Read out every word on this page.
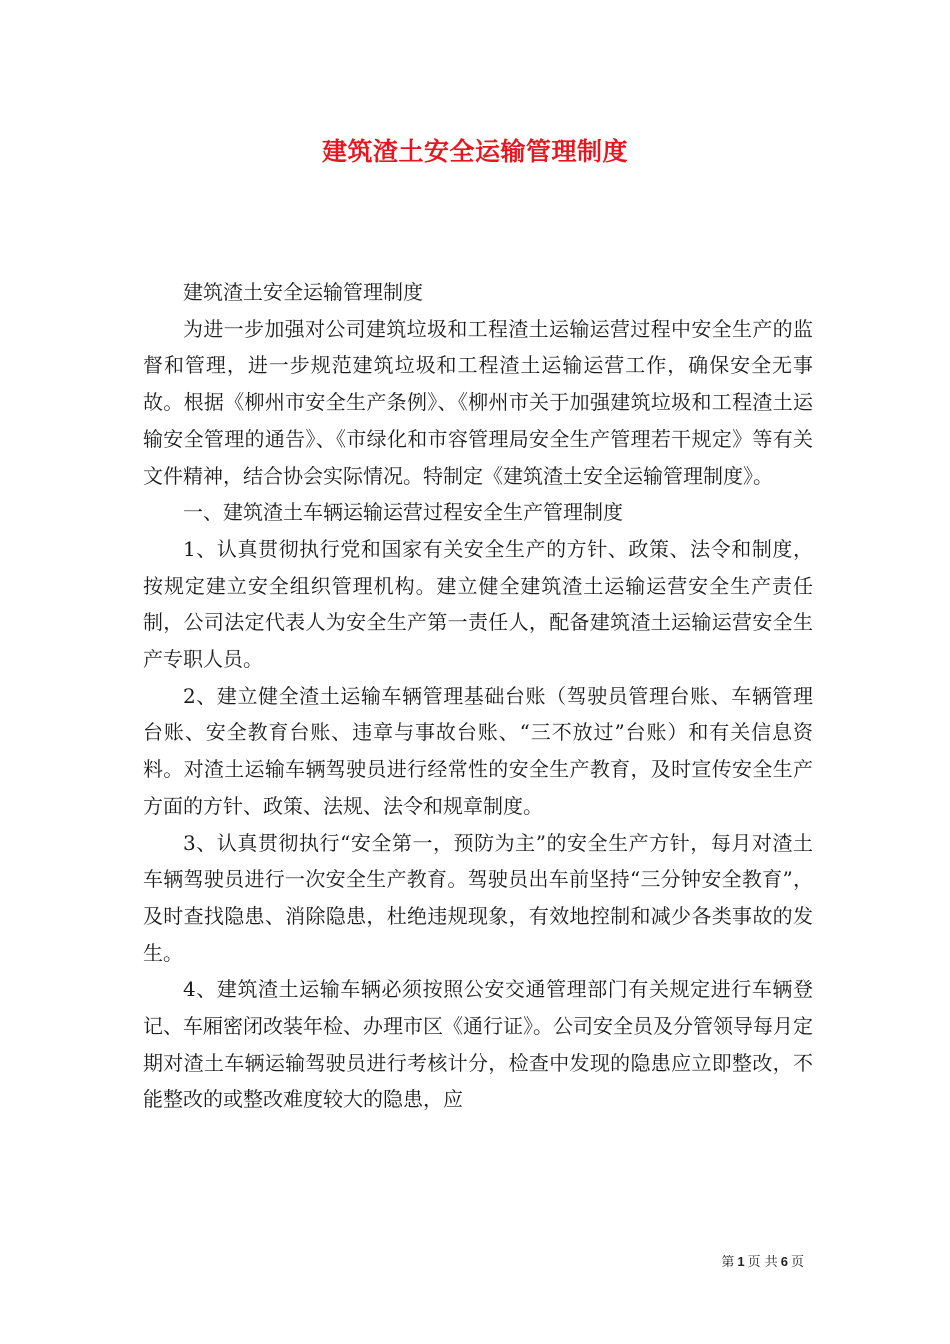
建筑渣土安全运输管理制度

建筑渣土安全运输管理制度

为进一步加强对公司建筑垃圾和工程渣土运输运营过程中安全生产的监督和管理，进一步规范建筑垃圾和工程渣土运输运营工作，确保安全无事故。根据《柳州市安全生产条例》、《柳州市关于加强建筑垃圾和工程渣土运输安全管理的通告》、《市绿化和市容管理局安全生产管理若干规定》等有关文件精神，结合协会实际情况。特制定《建筑渣土安全运输管理制度》。

一、建筑渣土车辆运输运营过程安全生产管理制度

1、认真贯彻执行党和国家有关安全生产的方针、政策、法令和制度，按规定建立安全组织管理机构。建立健全建筑渣土运输运营安全生产责任制，公司法定代表人为安全生产第一责任人，配备建筑渣土运输运营安全生产专职人员。

2、建立健全渣土运输车辆管理基础台账（驾驶员管理台账、车辆管理台账、安全教育台账、违章与事故台账、“三不放过”台账）和有关信息资料。对渣土运输车辆驾驶员进行经常性的安全生产教育，及时宣传安全生产方面的方针、政策、法规、法令和规章制度。

3、认真贯彻执行“安全第一，预防为主”的安全生产方针，每月对渣土车辆驾驶员进行一次安全生产教育。驾驶员出车前坚持“三分钟安全教育”，及时查找隐患、消除隐患，杜绝违规现象，有效地控制和减少各类事故的发生。

4、建筑渣土运输车辆必须按照公安交通管理部门有关规定进行车辆登记、车厢密闭改装年检、办理市区《通行证》。公司安全员及分管领导每月定期对渣土车辆运输驾驶员进行考核计分，检查中发现的隐患应立即整改，不能整改的或整改难度较大的隐患，应

第 1 页 共 6 页
